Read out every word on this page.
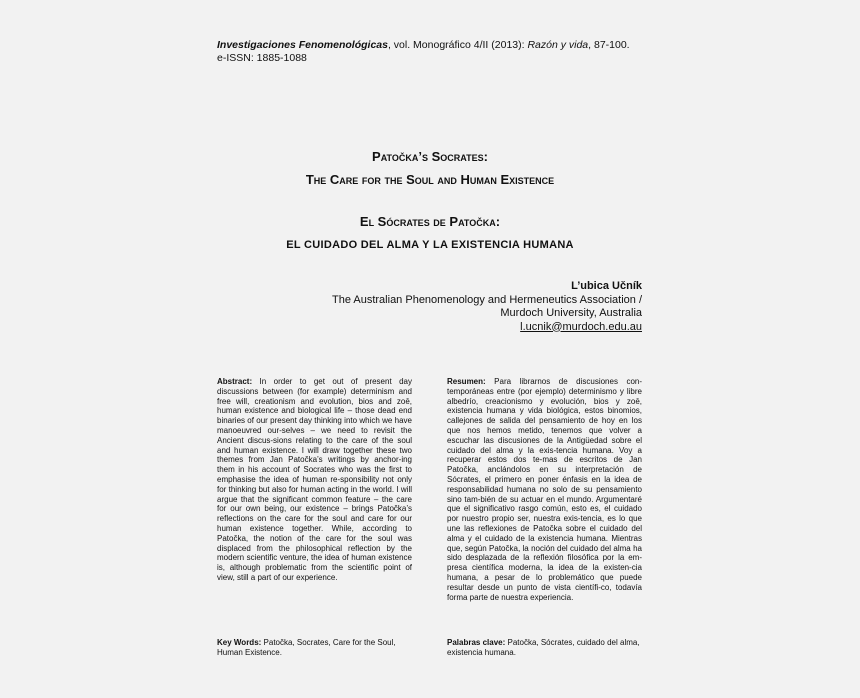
Investigaciones Fenomenológicas, vol. Monográfico 4/II (2013): Razón y vida, 87-100.
e-ISSN: 1885-1088
Patočka’s Socrates:
The Care for the Soul and Human Existence
El Sócrates de Patočka:
EL CUIDADO DEL ALMA Y LA EXISTENCIA HUMANA
L’ubica Učník
The Australian Phenomenology and Hermeneutics Association /
Murdoch University, Australia
l.ucnik@murdoch.edu.au
Abstract: In order to get out of present day discussions between (for example) determinism and free will, creationism and evolution, bios and zoē, human existence and biological life – those dead end binaries of our present day thinking into which we have manoeuvred our-selves – we need to revisit the Ancient discus-sions relating to the care of the soul and human existence. I will draw together these two themes from Jan Patočka’s writings by anchor-ing them in his account of Socrates who was the first to emphasise the idea of human re-sponsibility not only for thinking but also for human acting in the world. I will argue that the significant common feature – the care for our own being, our existence – brings Patočka’s reflections on the care for the soul and care for our human existence together. While, according to Patočka, the notion of the care for the soul was displaced from the philosophical reflection by the modern scientific venture, the idea of human existence is, although problematic from the scientific point of view, still a part of our experience.
Resumen: Para librarnos de discusiones con-temporáneas entre (por ejemplo) determinismo y libre albedrío, creacionismo y evolución, bios y zoē, existencia humana y vida biológica, estos binomios, callejones de salida del pensamiento de hoy en los que nos hemos metido, tenemos que volver a escuchar las discusiones de la Antigüedad sobre el cuidado del alma y la exis-tencia humana. Voy a recuperar estos dos te-mas de escritos de Jan Patočka, anclándolos en su interpretación de Sócrates, el primero en poner énfasis en la idea de responsabilidad humana no solo de su pensamiento sino tam-bién de su actuar en el mundo. Argumentaré que el significativo rasgo común, esto es, el cuidado por nuestro propio ser, nuestra exis-tencia, es lo que une las reflexiones de Patočka sobre el cuidado del alma y el cuidado de la existencia humana. Mientras que, según Patočka, la noción del cuidado del alma ha sido desplazada de la reflexión filosófica por la em-presa científica moderna, la idea de la existen-cia humana, a pesar de lo problemático que puede resultar desde un punto de vista científi-co, todavía forma parte de nuestra experiencia.
Key Words: Patočka, Socrates, Care for the Soul, Human Existence.
Palabras clave: Patočka, Sócrates, cuidado del alma, existencia humana.
